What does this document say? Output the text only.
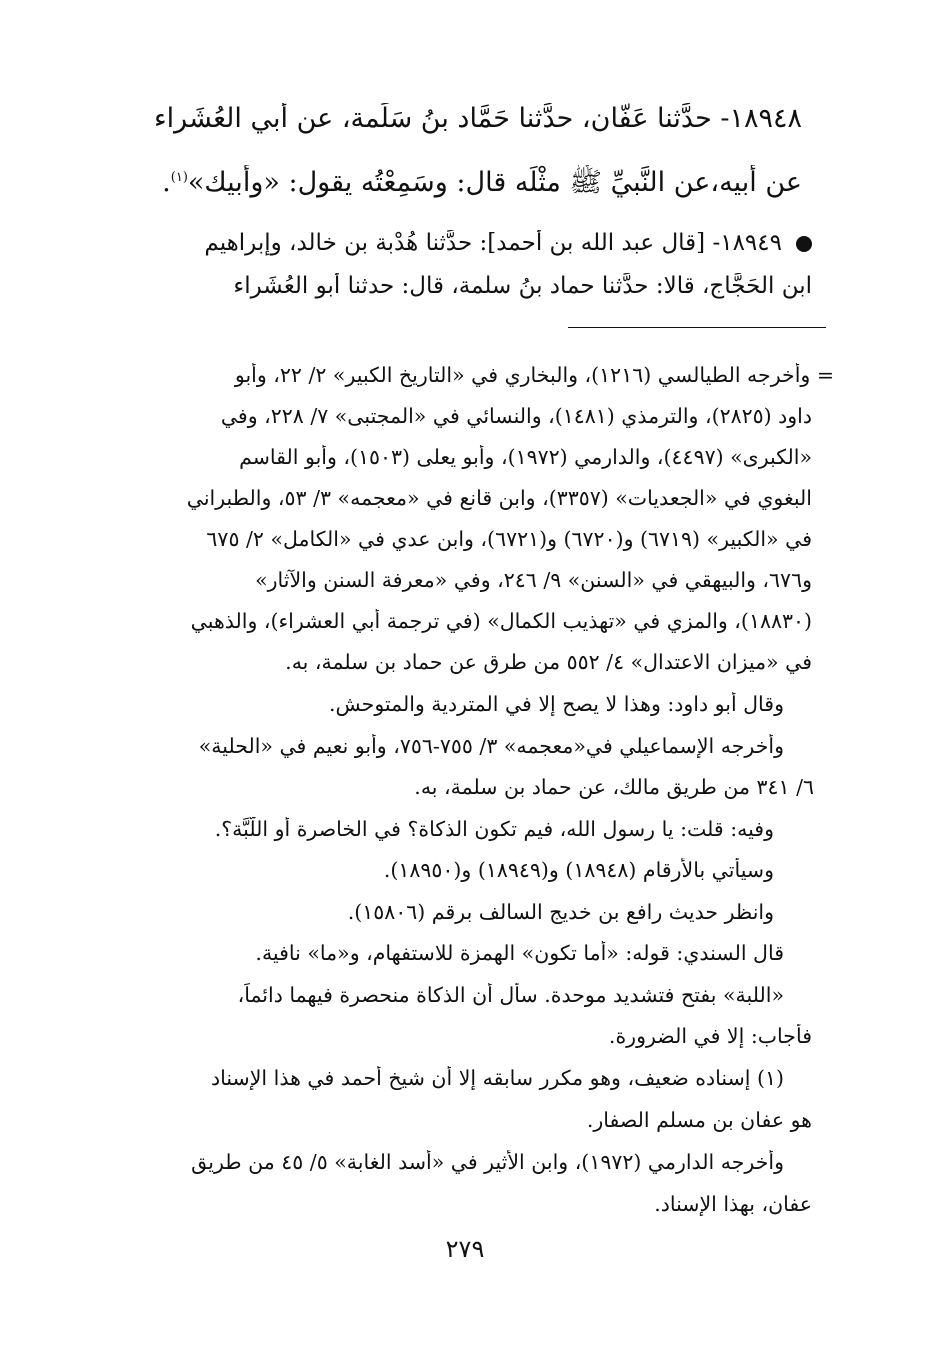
١٨٩٤٨- حدَّثنا عَفَّان، حدَّثنا حَمَّاد بنُ سَلَمة، عن أبي العُشَراء
عن أبيه،عن النَّبيِّ ﷺ مثْلَه قال: وسَمِعْتُه يقول: «وأبيك»$^{(١)}$.
١٨٩٤٩- [قال عبد الله بن أحمد]: حدَّثنا هُدْبة بن خالد، وإبراهيم
ابن الحَجَّاج، قالا: حدَّثنا حماد بنُ سلمة، قال: حدثنا أبو العُشَراء
= وأخرجه الطيالسي (١٢١٦)، والبخاري في «التاريخ الكبير» ٢/ ٢٢، وأبو
داود (٢٨٢٥)، والترمذي (١٤٨١)، والنسائي في «المجتبى» ٧/ ٢٢٨، وفي
«الكبرى» (٤٤٩٧)، والدارمي (١٩٧٢)، وأبو يعلى (١٥٠٣)، وأبو القاسم
البغوي في «الجعديات» (٣٣٥٧)، وابن قانع في «معجمه» ٣/ ٥٣، والطبراني
في «الكبير» (٦٧١٩) و(٦٧٢٠) و(٦٧٢١)، وابن عدي في «الكامل» ٢/ ٦٧٥
و٦٧٦، والبيهقي في «السنن» ٩/ ٢٤٦، وفي «معرفة السنن والآثار»
(١٨٨٣٠)، والمزي في «تهذيب الكمال» (في ترجمة أبي العشراء)، والذهبي
في «ميزان الاعتدال» ٤/ ٥٥٢ من طرقٍ عن حماد بن سلمة، به.
وقال أبو داود: وهذا لا يصح إلا في المتردية والمتوحش.
وأخرجه الإسماعيلي في«معجمه» ٣/ ٧٥٥-٧٥٦، وأبو نعيم في «الحلية»
٦/ ٣٤١ من طريق مالك، عن حماد بن سلمة، به.
وفيه: قلت: يا رسول الله، فيم تكون الذكاة؟ في الخاصرة أو اللَّبَّة؟.
وسيأتي بالأرقام (١٨٩٤٨) و(١٨٩٤٩) و(١٨٩٥٠).
وانظر حديث رافع بن خديج السالف برقم (١٥٨٠٦).
قال السندي: قوله: «أما تكون» الهمزة للاستفهام، و«ما» نافية.
«اللبة» بفتح فتشديد موحدة. سأل أن الذكاة منحصرة فيهما دائماً،
فأجاب: إلا في الضرورة.
(١) إسناده ضعيف، وهو مكرر سابقه إلا أن شيخ أحمد في هذا الإسناد
هو عفان بن مسلم الصفار.
وأخرجه الدارمي (١٩٧٢)، وابن الأثير في «أسد الغابة» ٥/ ٤٥ من طريق
عفان، بهذا الإسناد.
٢٧٩
